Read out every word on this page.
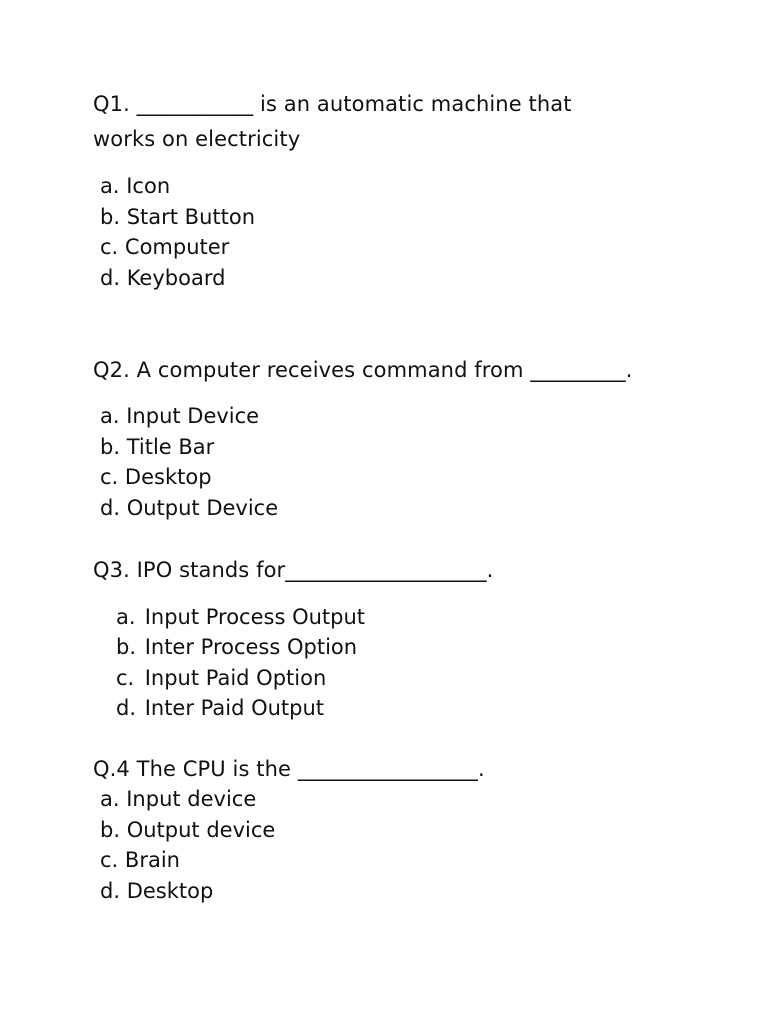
Q1. ___________ is an automatic machine that
works on electricity
a. Icon
b. Start Button
c. Computer
d. Keyboard
Q2. A computer receives command from _________.
a. Input Device
b. Title Bar
c. Desktop
d. Output Device
Q3. IPO stands for___________________.
a. Input Process Output
b. Inter Process Option
c. Input Paid Option
d. Inter Paid Output
Q.4 The CPU is the _________________.
a. Input device
b. Output device
c. Brain
d. Desktop
